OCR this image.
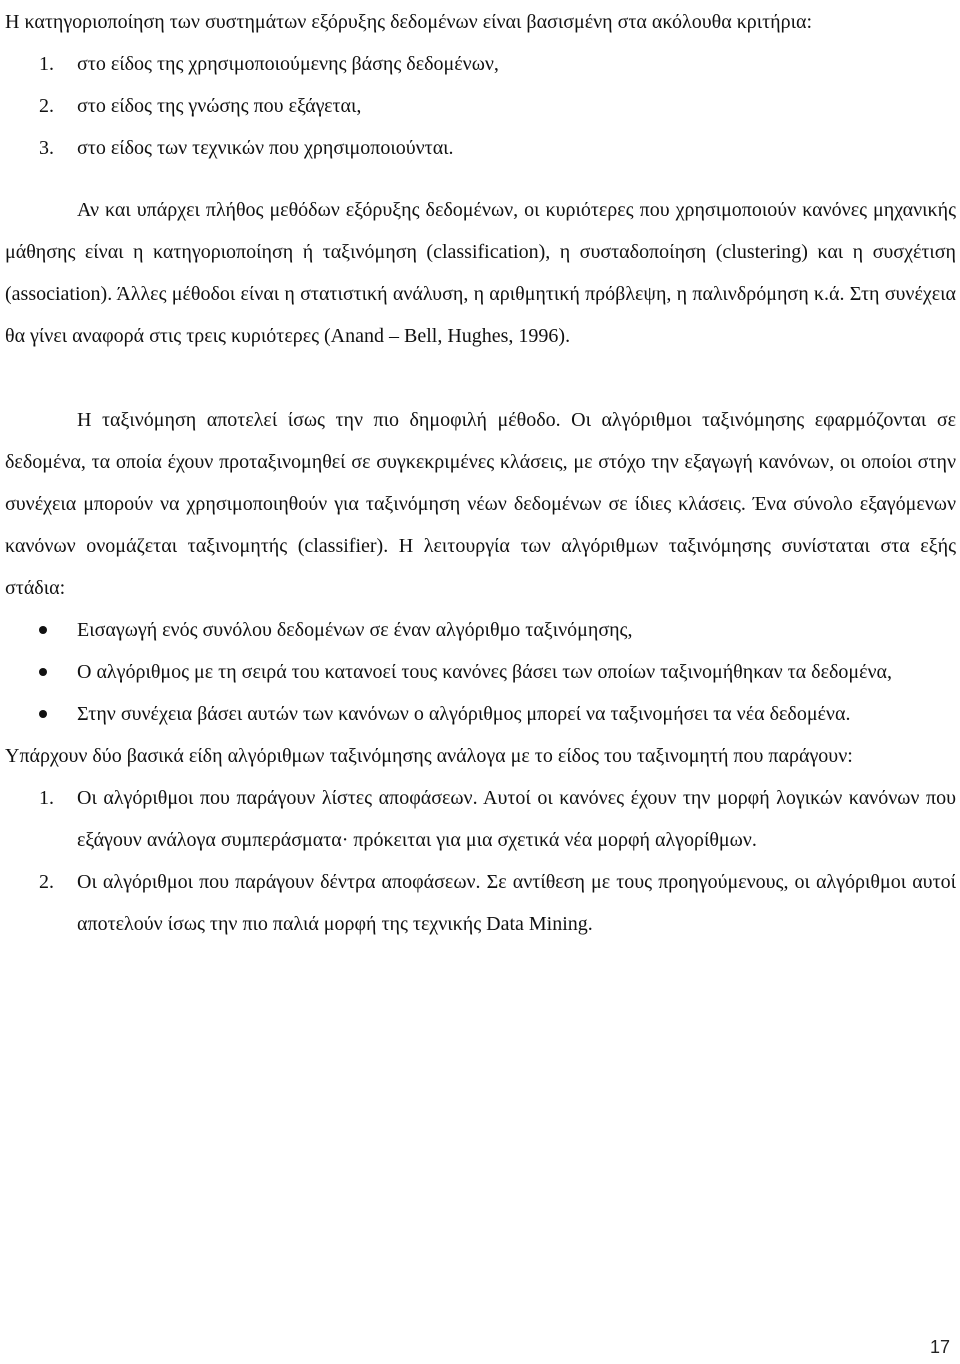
Η κατηγοριοποίηση των συστημάτων εξόρυξης δεδομένων είναι βασισμένη στα ακόλουθα κριτήρια:

1. στο είδος της χρησιμοποιούμενης βάσης δεδομένων,
2. στο είδος της γνώσης που εξάγεται,
3. στο είδος των τεχνικών που χρησιμοποιούνται.

Αν και υπάρχει πλήθος μεθόδων εξόρυξης δεδομένων, οι κυριότερες που χρησιμοποιούν κανόνες μηχανικής μάθησης είναι η κατηγοριοποίηση ή ταξινόμηση (classification), η συσταδοποίηση (clustering) και η συσχέτιση (association). Άλλες μέθοδοι είναι η στατιστική ανάλυση, η αριθμητική πρόβλεψη, η παλινδρόμηση κ.ά. Στη συνέχεια θα γίνει αναφορά στις τρεις κυριότερες (Anand – Bell, Hughes, 1996).

Η ταξινόμηση αποτελεί ίσως την πιο δημοφιλή μέθοδο. Οι αλγόριθμοι ταξινόμησης εφαρμόζονται σε δεδομένα, τα οποία έχουν προταξινομηθεί σε συγκεκριμένες κλάσεις, με στόχο την εξαγωγή κανόνων, οι οποίοι στην συνέχεια μπορούν να χρησιμοποιηθούν για ταξινόμηση νέων δεδομένων σε ίδιες κλάσεις. Ένα σύνολο εξαγόμενων κανόνων ονομάζεται ταξινομητής (classifier). Η λειτουργία των αλγόριθμων ταξινόμησης συνίσταται στα εξής στάδια:

Εισαγωγή ενός συνόλου δεδομένων σε έναν αλγόριθμο ταξινόμησης,
Ο αλγόριθμος με τη σειρά του κατανοεί τους κανόνες βάσει των οποίων ταξινομήθηκαν τα δεδομένα,
Στην συνέχεια βάσει αυτών των κανόνων ο αλγόριθμος μπορεί να ταξινομήσει τα νέα δεδομένα.

Υπάρχουν δύο βασικά είδη αλγόριθμων ταξινόμησης ανάλογα με το είδος του ταξινομητή που παράγουν:

1. Οι αλγόριθμοι που παράγουν λίστες αποφάσεων. Αυτοί οι κανόνες έχουν την μορφή λογικών κανόνων που εξάγουν ανάλογα συμπεράσματα· πρόκειται για μια σχετικά νέα μορφή αλγορίθμων.
2. Οι αλγόριθμοι που παράγουν δέντρα αποφάσεων. Σε αντίθεση με τους προηγούμενους, οι αλγόριθμοι αυτοί αποτελούν ίσως την πιο παλιά μορφή της τεχνικής Data Mining.
17
